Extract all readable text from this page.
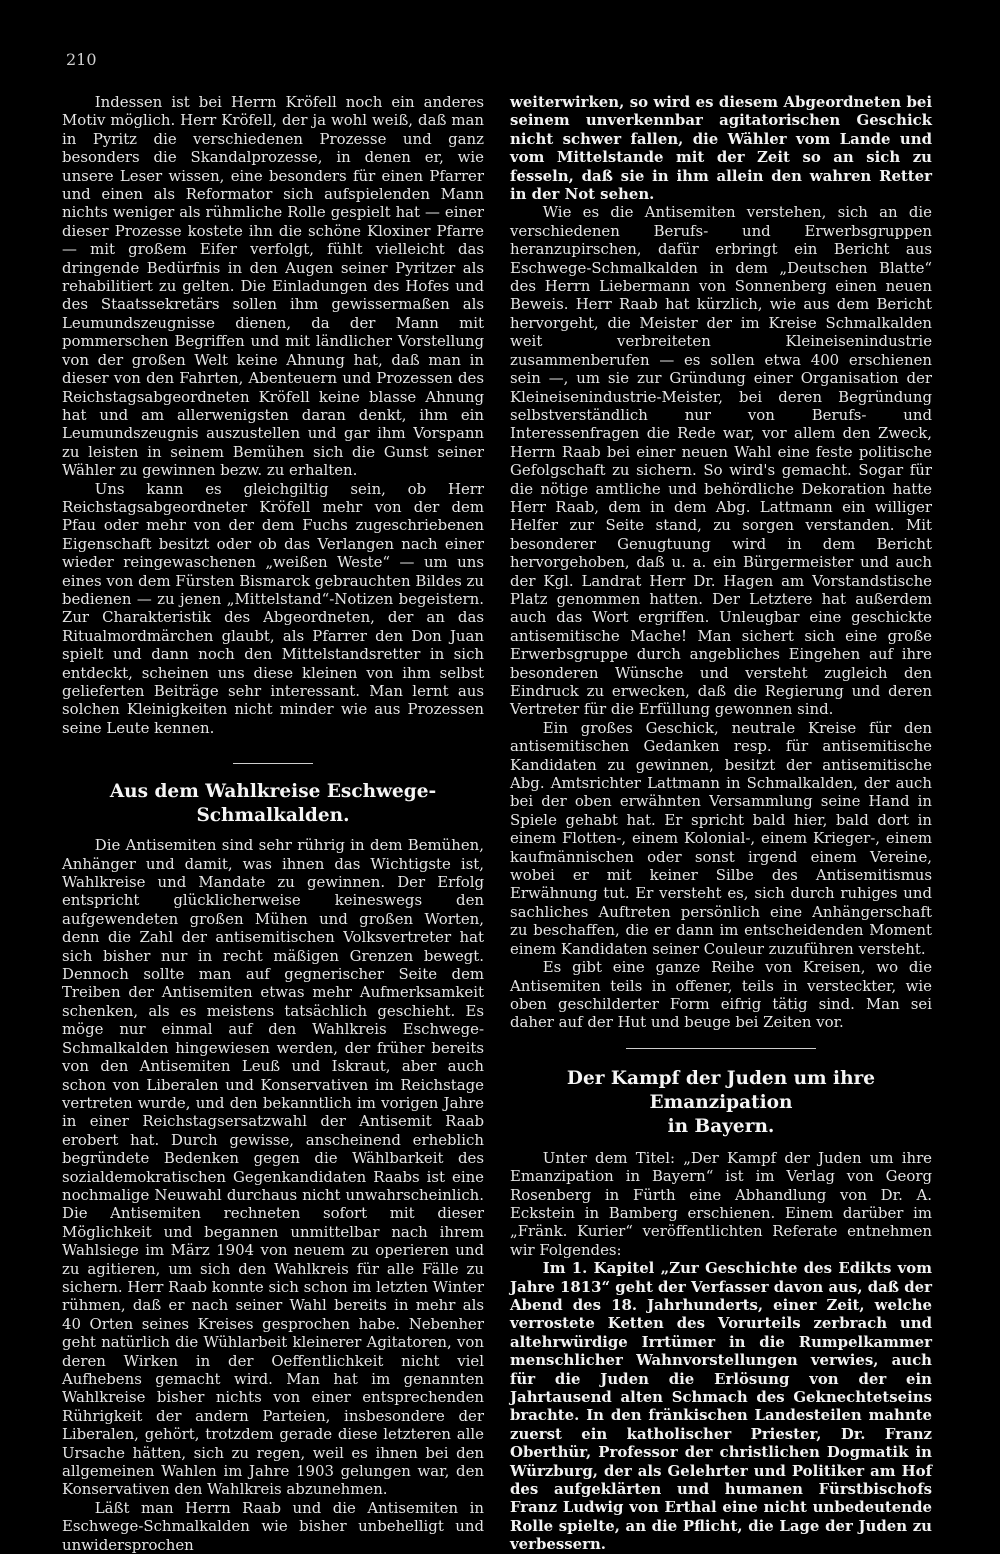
210

Indessen ist bei Herrn Kröfell noch ein anderes Motiv möglich. Herr Kröfell, der ja wohl weiß, daß man in Pyritz die verschiedenen Prozesse und ganz besonders die Skandalprozesse, in denen er, wie unsere Leser wissen, eine besonders für einen Pfarrer und einen als Reformator sich aufspielenden Mann nichts weniger als rühmliche Rolle gespielt hat — einer dieser Prozesse kostete ihn die schöne Kloxiner Pfarre — mit großem Eifer verfolgt, fühlt vielleicht das dringende Bedürfnis in den Augen seiner Pyritzer als rehabilitiert zu gelten. Die Einladungen des Hofes und des Staatssekretärs sollen ihm gewissermaßen als Leumundszeugnisse dienen, da der Mann mit pommerschen Begriffen und mit ländlicher Vorstellung von der großen Welt keine Ahnung hat, daß man in dieser von den Fahrten, Abenteuern und Prozessen des Reichstagsabgeordneten Kröfell keine blasse Ahnung hat und am allerwenigsten daran denkt, ihm ein Leumundszeugnis auszustellen und gar ihm Vorspann zu leisten in seinem Bemühen sich die Gunst seiner Wähler zu gewinnen bezw. zu erhalten.

Uns kann es gleichgiltig sein, ob Herr Reichstagsabgeordneter Kröfell mehr von der dem Pfau oder mehr von der dem Fuchs zugeschriebenen Eigenschaft besitzt oder ob das Verlangen nach einer wieder reingewaschenen „weißen Weste“ — um uns eines von dem Fürsten Bismarck gebrauchten Bildes zu bedienen — zu jenen „Mittelstand“-Notizen begeistern. Zur Charakteristik des Abgeordneten, der an das Ritualmordmärchen glaubt, als Pfarrer den Don Juan spielt und dann noch den Mittelstandsretter in sich entdeckt, scheinen uns diese kleinen von ihm selbst gelieferten Beiträge sehr interessant. Man lernt aus solchen Kleinigkeiten nicht minder wie aus Prozessen seine Leute kennen.

Aus dem Wahlkreise Eschwege-Schmalkalden.

Die Antisemiten sind sehr rührig in dem Bemühen, Anhänger und damit, was ihnen das Wichtigste ist, Wahlkreise und Mandate zu gewinnen. Der Erfolg entspricht glücklicherweise keineswegs den aufgewendeten großen Mühen und großen Worten, denn die Zahl der antisemitischen Volksvertreter hat sich bisher nur in recht mäßigen Grenzen bewegt. Dennoch sollte man auf gegnerischer Seite dem Treiben der Antisemiten etwas mehr Aufmerksamkeit schenken, als es meistens tatsächlich geschieht. Es möge nur einmal auf den Wahlkreis Eschwege-Schmalkalden hingewiesen werden, der früher bereits von den Antisemiten Leuß und Iskraut, aber auch schon von Liberalen und Konservativen im Reichstage vertreten wurde, und den bekanntlich im vorigen Jahre in einer Reichstagsersatzwahl der Antisemit Raab erobert hat. Durch gewisse, anscheinend erheblich begründete Bedenken gegen die Wählbarkeit des sozialdemokratischen Gegenkandidaten Raabs ist eine nochmalige Neuwahl durchaus nicht unwahrscheinlich. Die Antisemiten rechneten sofort mit dieser Möglichkeit und begannen unmittelbar nach ihrem Wahlsiege im März 1904 von neuem zu operieren und zu agitieren, um sich den Wahlkreis für alle Fälle zu sichern. Herr Raab konnte sich schon im letzten Winter rühmen, daß er nach seiner Wahl bereits in mehr als 40 Orten seines Kreises gesprochen habe. Nebenher geht natürlich die Wühlarbeit kleinerer Agitatoren, von deren Wirken in der Oeffentlichkeit nicht viel Aufhebens gemacht wird. Man hat im genannten Wahlkreise bisher nichts von einer entsprechenden Rührigkeit der andern Parteien, insbesondere der Liberalen, gehört, trotzdem gerade diese letzteren alle Ursache hätten, sich zu regen, weil es ihnen bei den allgemeinen Wahlen im Jahre 1903 gelungen war, den Konservativen den Wahlkreis abzunehmen.

Läßt man Herrn Raab und die Antisemiten in Eschwege-Schmalkalden wie bisher unbehelligt und unwidersprochen

weiterwirken, so wird es diesem Abgeordneten bei seinem unverkennbar agitatorischen Geschick nicht schwer fallen, die Wähler vom Lande und vom Mittelstande mit der Zeit so an sich zu fesseln, daß sie in ihm allein den wahren Retter in der Not sehen.

Wie es die Antisemiten verstehen, sich an die verschiedenen Berufs- und Erwerbsgruppen heranzupirschen, dafür erbringt ein Bericht aus Eschwege-Schmalkalden in dem „Deutschen Blatte“ des Herrn Liebermann von Sonnenberg einen neuen Beweis. Herr Raab hat kürzlich, wie aus dem Bericht hervorgeht, die Meister der im Kreise Schmalkalden weit verbreiteten Kleineisenindustrie zusammenberufen — es sollen etwa 400 erschienen sein —, um sie zur Gründung einer Organisation der Kleineisenindustrie-Meister, bei deren Begründung selbstverständlich nur von Berufs- und Interessenfragen die Rede war, vor allem den Zweck, Herrn Raab bei einer neuen Wahl eine feste politische Gefolgschaft zu sichern. So wird's gemacht. Sogar für die nötige amtliche und behördliche Dekoration hatte Herr Raab, dem in dem Abg. Lattmann ein williger Helfer zur Seite stand, zu sorgen verstanden. Mit besonderer Genugtuung wird in dem Bericht hervorgehoben, daß u. a. ein Bürgermeister und auch der Kgl. Landrat Herr Dr. Hagen am Vorstandstische Platz genommen hatten. Der Letztere hat außerdem auch das Wort ergriffen. Unleugbar eine geschickte antisemitische Mache! Man sichert sich eine große Erwerbsgruppe durch angebliches Eingehen auf ihre besonderen Wünsche und versteht zugleich den Eindruck zu erwecken, daß die Regierung und deren Vertreter für die Erfüllung gewonnen sind.

Ein großes Geschick, neutrale Kreise für den antisemitischen Gedanken resp. für antisemitische Kandidaten zu gewinnen, besitzt der antisemitische Abg. Amtsrichter Lattmann in Schmalkalden, der auch bei der oben erwähnten Versammlung seine Hand in Spiele gehabt hat. Er spricht bald hier, bald dort in einem Flotten-, einem Kolonial-, einem Krieger-, einem kaufmännischen oder sonst irgend einem Vereine, wobei er mit keiner Silbe des Antisemitismus Erwähnung tut. Er versteht es, sich durch ruhiges und sachliches Auftreten persönlich eine Anhängerschaft zu beschaffen, die er dann im entscheidenden Moment einem Kandidaten seiner Couleur zuzuführen versteht.

Es gibt eine ganze Reihe von Kreisen, wo die Antisemiten teils in offener, teils in versteckter, wie oben geschilderter Form eifrig tätig sind. Man sei daher auf der Hut und beuge bei Zeiten vor.

Der Kampf der Juden um ihre Emanzipation
in Bayern.

Unter dem Titel: „Der Kampf der Juden um ihre Emanzipation in Bayern“ ist im Verlag von Georg Rosenberg in Fürth eine Abhandlung von Dr. A. Eckstein in Bamberg erschienen. Einem darüber im „Fränk. Kurier“ veröffentlichten Referate entnehmen wir Folgendes:

Im 1. Kapitel „Zur Geschichte des Edikts vom Jahre 1813“ geht der Verfasser davon aus, daß der Abend des 18. Jahrhunderts, einer Zeit, welche verrostete Ketten des Vorurteils zerbrach und altehrwürdige Irrtümer in die Rumpelkammer menschlicher Wahnvorstellungen verwies, auch für die Juden die Erlösung von der ein Jahrtausend alten Schmach des Geknechtetseins brachte. In den fränkischen Landesteilen mahnte zuerst ein katholischer Priester, Dr. Franz Oberthür, Professor der christlichen Dogmatik in Würzburg, der als Gelehrter und Politiker am Hof des aufgeklärten und humanen Fürstbischofs Franz Ludwig von Erthal eine nicht unbedeutende Rolle spielte, an die Pflicht, die Lage der Juden zu verbessern.
